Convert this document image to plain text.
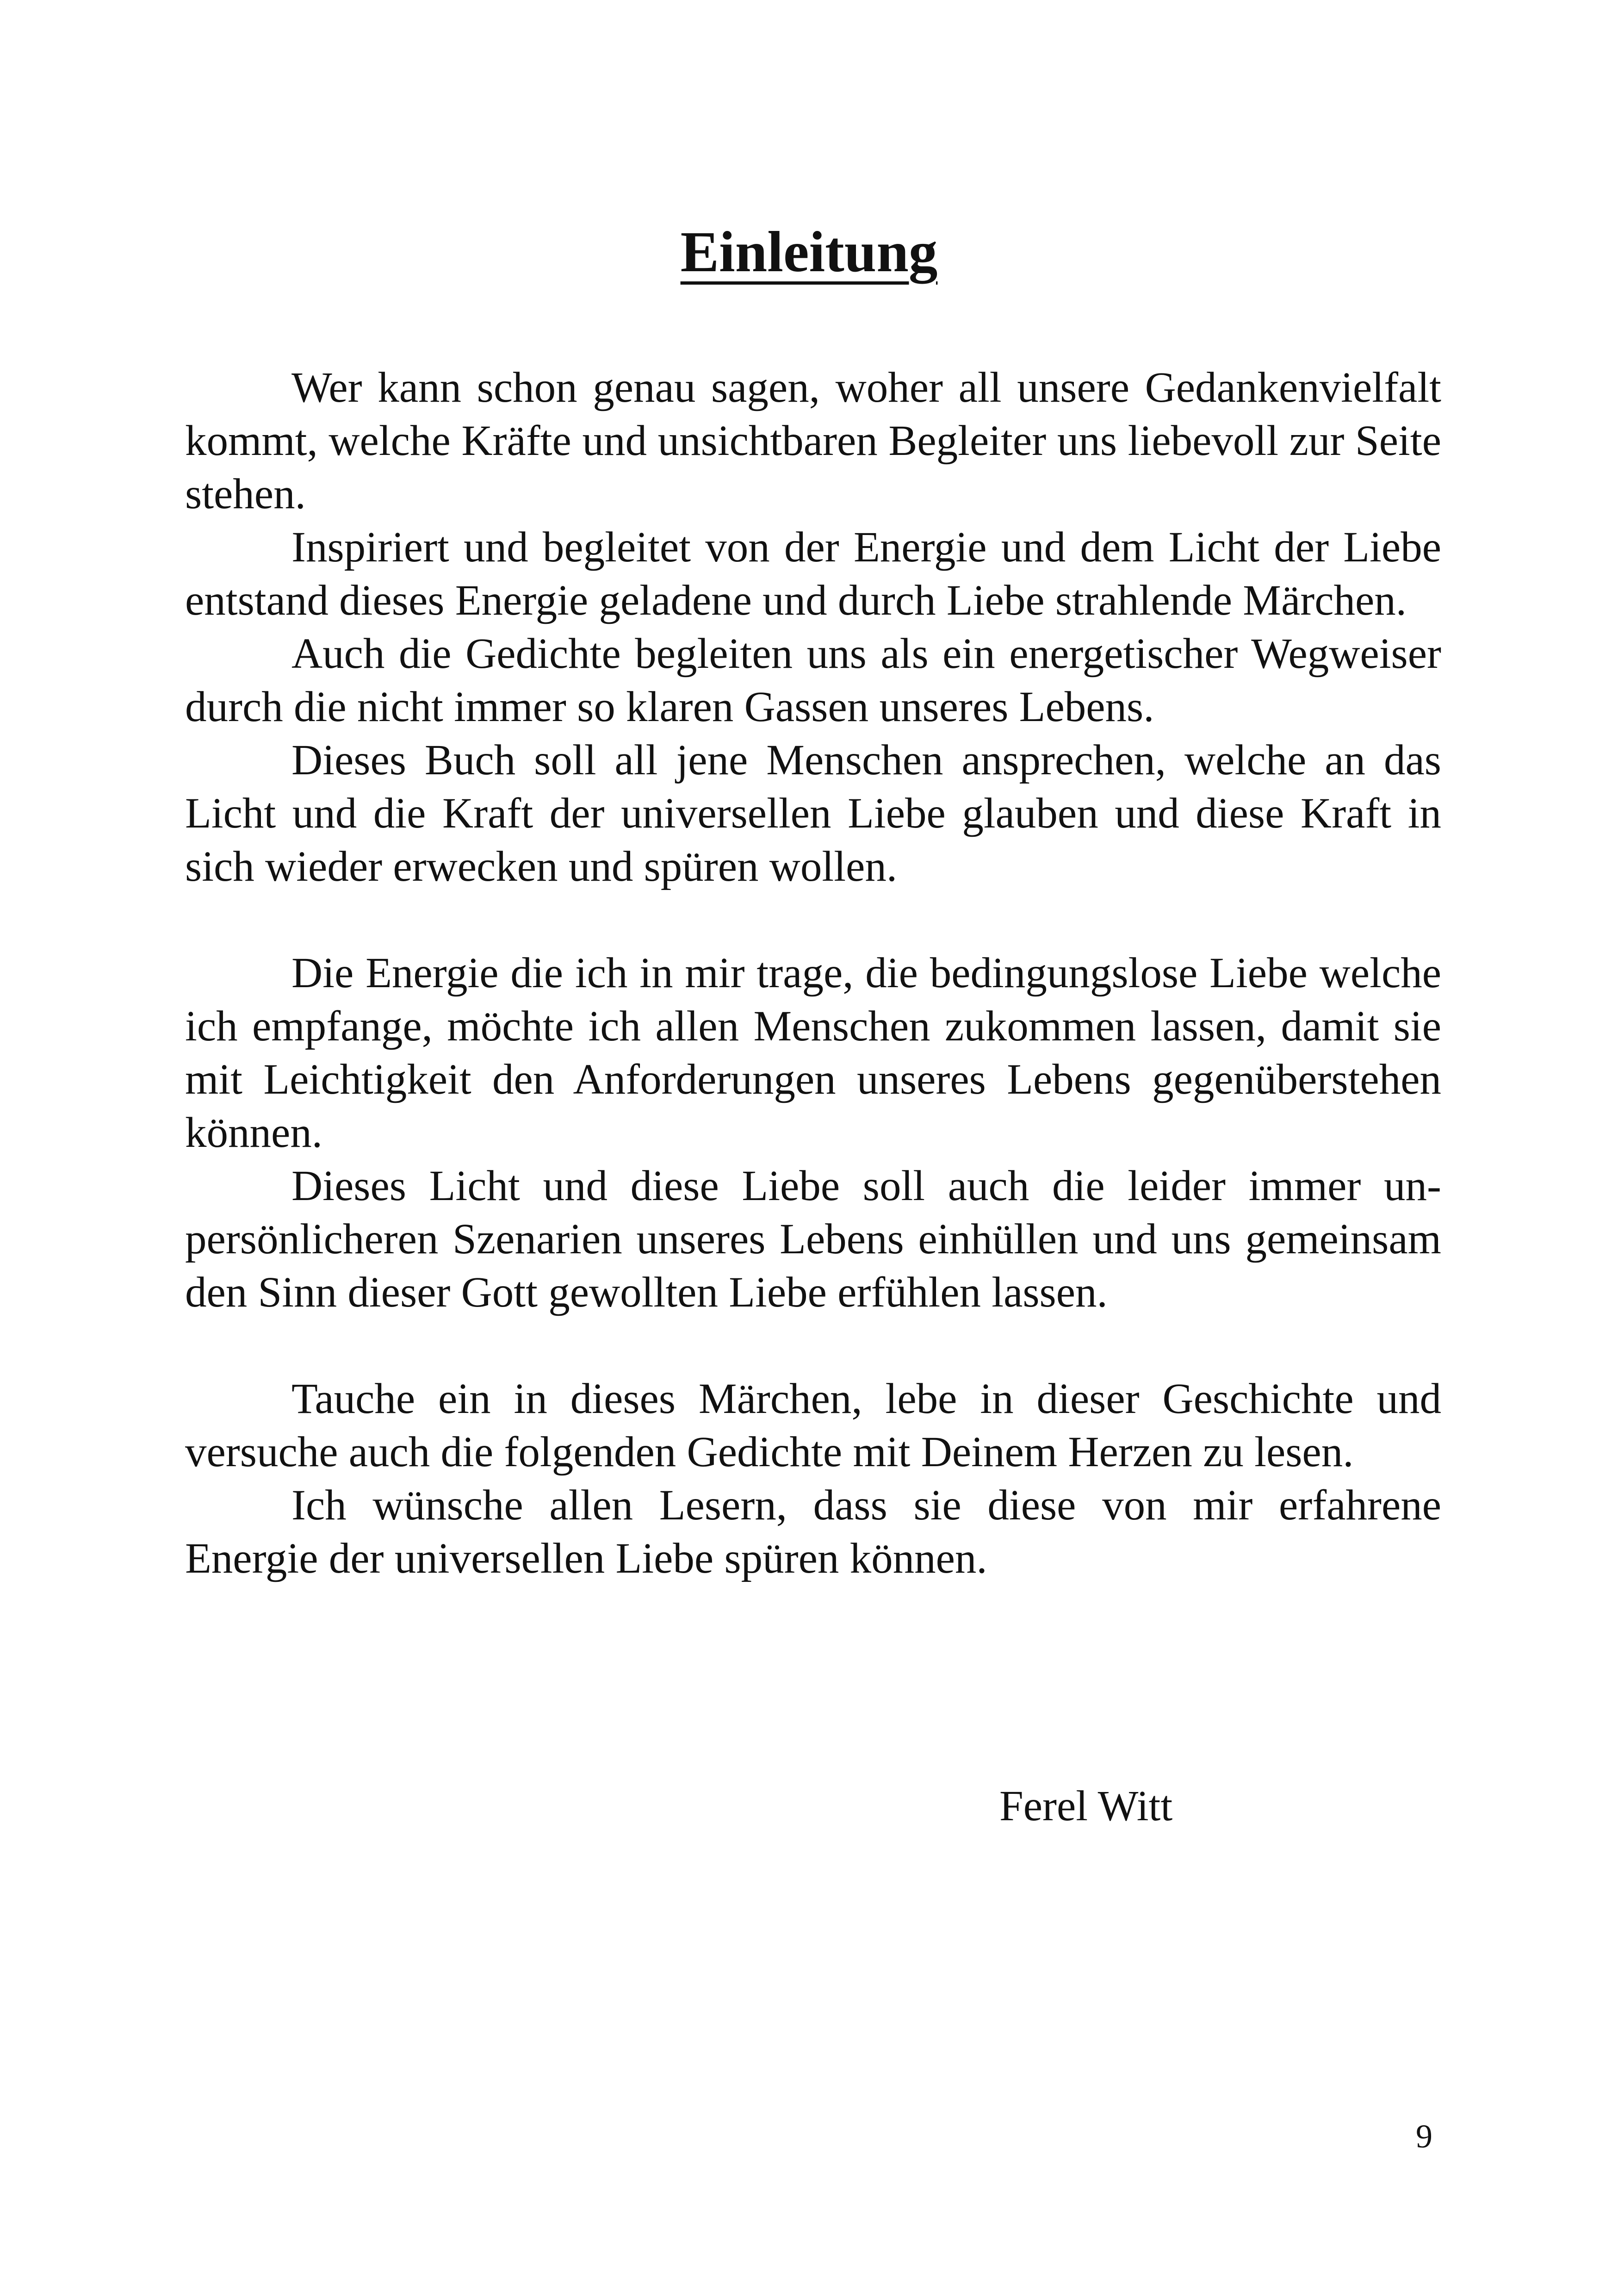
Einleitung

Wer kann schon genau sagen, woher all unsere Gedankenvielfalt kommt, welche Kräfte und unsichtbaren Begleiter uns liebevoll zur Seite stehen.

Inspiriert und begleitet von der Energie und dem Licht der Liebe entstand dieses Energie geladene und durch Liebe strahlende Märchen.

Auch die Gedichte begleiten uns als ein energetischer Wegweiser durch die nicht immer so klaren Gassen unseres Lebens.

Dieses Buch soll all jene Menschen ansprechen, welche an das Licht und die Kraft der universellen Liebe glauben und diese Kraft in sich wieder erwecken und spüren wollen.

Die Energie die ich in mir trage, die bedingungslose Liebe welche ich empfange, möchte ich allen Menschen zukommen lassen, damit sie mit Leichtigkeit den Anforderungen unseres Lebens gegenüberstehen können.

Dieses Licht und diese Liebe soll auch die leider immer unpersönlicheren Szenarien unseres Lebens einhüllen und uns gemeinsam den Sinn dieser Gott gewollten Liebe erfühlen lassen.

Tauche ein in dieses Märchen, lebe in dieser Geschichte und versuche auch die folgenden Gedichte mit Deinem Herzen zu lesen.

Ich wünsche allen Lesern, dass sie diese von mir erfahrene Energie der universellen Liebe spüren können.

Ferel Witt

9
